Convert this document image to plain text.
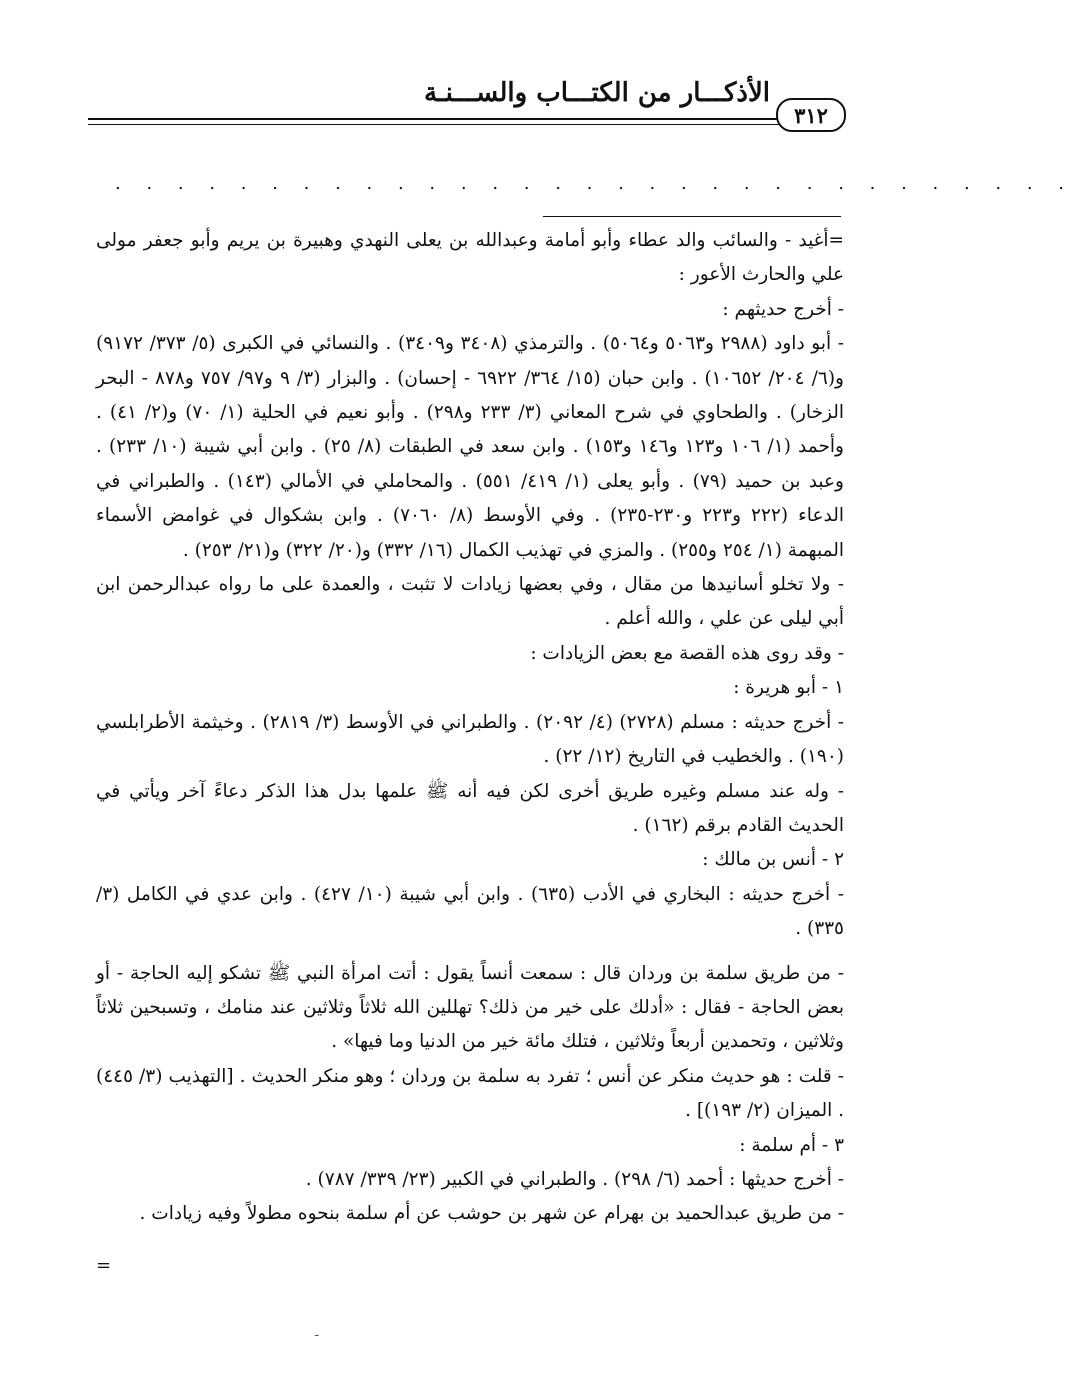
٣١٢
الأذكـــار من الكتـــاب والســـنـة
. . . . . . . . . . . . . . . . . . . . . . . . . . . . . . .

=أغيد - والسائب والد عطاء وأبو أمامة وعبدالله بن يعلى النهدي وهبيرة بن يريم وأبو جعفر مولى علي والحارث الأعور :

- أخرج حديثهم :

- أبو داود (٢٩٨٨ و٥٠٦٣ و٥٠٦٤) . والترمذي (٣٤٠٨ و٣٤٠٩) . والنسائي في الكبرى (٥/ ٣٧٣/ ٩١٧٢) و(٦/ ٢٠٤/ ١٠٦٥٢) . وابن حبان (١٥/ ٣٦٤/ ٦٩٢٢ - إحسان) . والبزار (٣/ ٩ و٩٧/ ٧٥٧ و٨٧٨ - البحر الزخار) . والطحاوي في شرح المعاني (٣/ ٢٣٣ و٢٩٨) . وأبو نعيم في الحلية (١/ ٧٠) و(٢/ ٤١) . وأحمد (١/ ١٠٦ و١٢٣ و١٤٦ و١٥٣) . وابن سعد في الطبقات (٨/ ٢٥) . وابن أبي شيبة (١٠/ ٢٣٣) . وعبد بن حميد (٧٩) . وأبو يعلى (١/ ٤١٩/ ٥٥١) . والمحاملي في الأمالي (١٤٣) . والطبراني في الدعاء (٢٢٢ و٢٢٣ و٢٣٠-٢٣٥) . وفي الأوسط (٨/ ٧٠٦٠) . وابن بشكوال في غوامض الأسماء المبهمة (١/ ٢٥٤ و٢٥٥) . والمزي في تهذيب الكمال (١٦/ ٣٣٢) و(٢٠/ ٣٢٢) و(٢١/ ٢٥٣) .

- ولا تخلو أسانيدها من مقال ، وفي بعضها زيادات لا تثبت ، والعمدة على ما رواه عبدالرحمن ابن أبي ليلى عن علي ، والله أعلم .

- وقد روى هذه القصة مع بعض الزيادات :

١ - أبو هريرة :

- أخرج حديثه : مسلم (٢٧٢٨) (٤/ ٢٠٩٢) . والطبراني في الأوسط (٣/ ٢٨١٩) . وخيثمة الأطرابلسي (١٩٠) . والخطيب في التاريخ (١٢/ ٢٢) .

- وله عند مسلم وغيره طريق أخرى لكن فيه أنه ﷺ علمها بدل هذا الذكر دعاءً آخر ويأتي في الحديث القادم برقم (١٦٢) .

٢ - أنس بن مالك :

- أخرج حديثه : البخاري في الأدب (٦٣٥) . وابن أبي شيبة (١٠/ ٤٢٧) . وابن عدي في الكامل (٣/ ٣٣٥) .

- من طريق سلمة بن وردان قال : سمعت أنساً يقول : أتت امرأة النبي ﷺ تشكو إليه الحاجة - أو بعض الحاجة - فقال : «أدلك على خير من ذلك؟ تهللين الله ثلاثاً وثلاثين عند منامك ، وتسبحين ثلاثاً وثلاثين ، وتحمدين أربعاً وثلاثين ، فتلك مائة خير من الدنيا وما فيها» .

- قلت : هو حديث منكر عن أنس ؛ تفرد به سلمة بن وردان ؛ وهو منكر الحديث . [التهذيب (٣/ ٤٤٥) . الميزان (٢/ ١٩٣)] .

٣ - أم سلمة :

- أخرج حديثها : أحمد (٦/ ٢٩٨) . والطبراني في الكبير (٢٣/ ٣٣٩/ ٧٨٧) .

- من طريق عبدالحميد بن بهرام عن شهر بن حوشب عن أم سلمة بنحوه مطولاً وفيه زيادات .

=
ـ
